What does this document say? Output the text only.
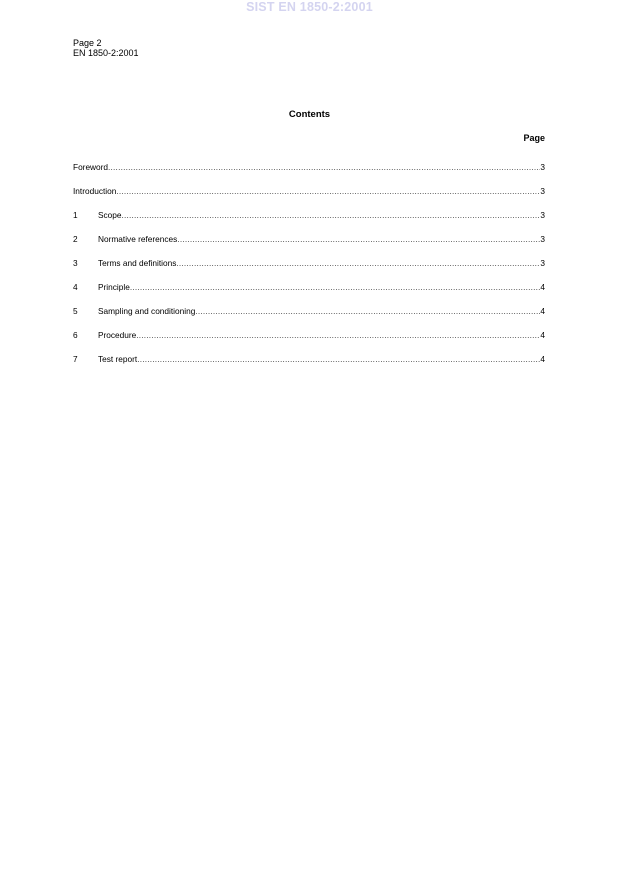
SIST EN 1850-2:2001
Page 2
EN 1850-2:2001
Contents
Page
Foreword .....	3
Introduction .....	3
1	Scope .....	3
2	Normative references .....	3
3	Terms and definitions .....	3
4	Principle .....	4
5	Sampling and conditioning .....	4
6	Procedure .....	4
7	Test report .....	4
